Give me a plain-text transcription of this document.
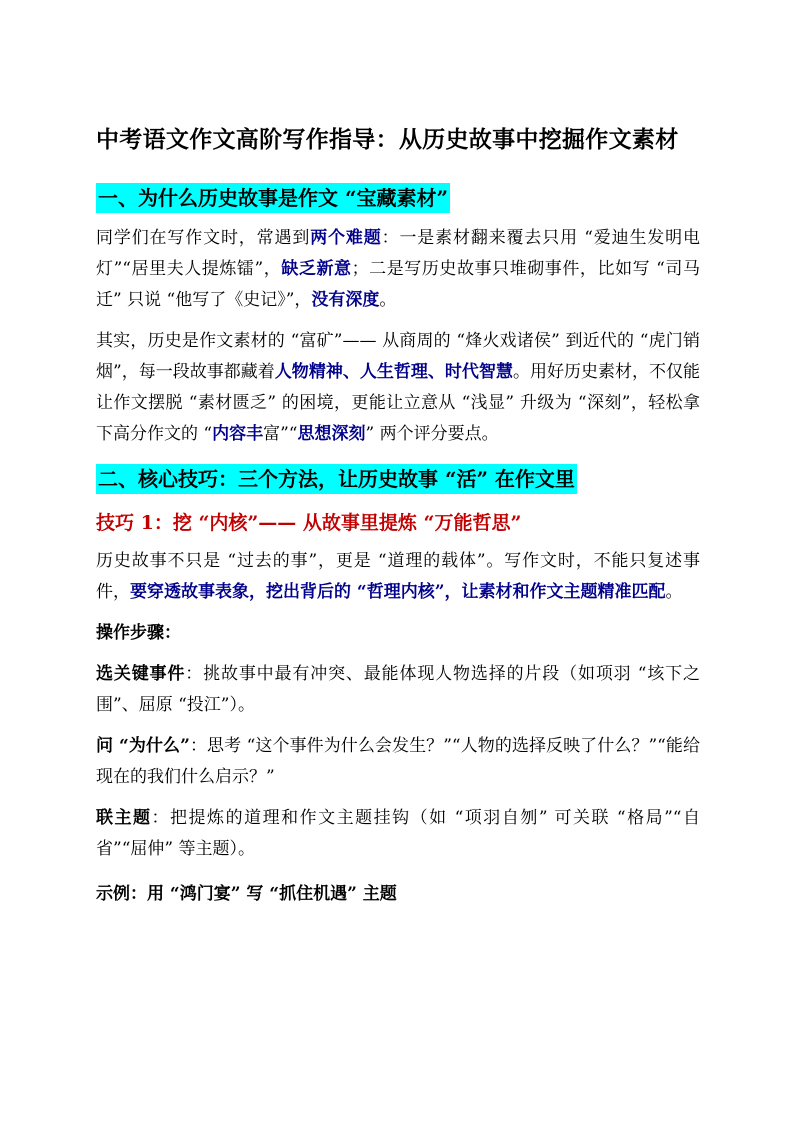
中考语文作文高阶写作指导：从历史故事中挖掘作文素材
一、为什么历史故事是作文 “宝藏素材”

同学们在写作文时，常遇到两个难题：一是素材翻来覆去只用 “爱迪生发明电灯”“居里夫人提炼镭”，缺乏新意；二是写历史故事只堆砌事件，比如写 “司马迁” 只说 “他写了《史记》”，没有深度。

其实，历史是作文素材的 “富矿”—— 从商周的 “烽火戏诸侯” 到近代的 “虎门销烟”，每一段故事都藏着人物精神、人生哲理、时代智慧。用好历史素材，不仅能让作文摆脱 “素材匮乏” 的困境，更能让立意从 “浅显” 升级为 “深刻”，轻松拿下高分作文的 “内容丰富”“思想深刻” 两个评分要点。

二、核心技巧：三个方法，让历史故事 “活” 在作文里
技巧 1：挖 “内核”—— 从故事里提炼 “万能哲思”

历史故事不只是 “过去的事”，更是 “道理的载体”。写作文时，不能只复述事件，要穿透故事表象，挖出背后的 “哲理内核”，让素材和作文主题精准匹配。

操作步骤：

选关键事件：挑故事中最有冲突、最能体现人物选择的片段（如项羽 “垓下之围”、屈原 “投江”）。

问 “为什么”：思考 “这个事件为什么会发生？”“人物的选择反映了什么？”“能给现在的我们什么启示？”

联主题：把提炼的道理和作文主题挂钩（如 “项羽自刎” 可关联 “格局”“自省”“屈伸” 等主题）。

示例：用 “鸿门宴” 写 “抓住机遇” 主题
